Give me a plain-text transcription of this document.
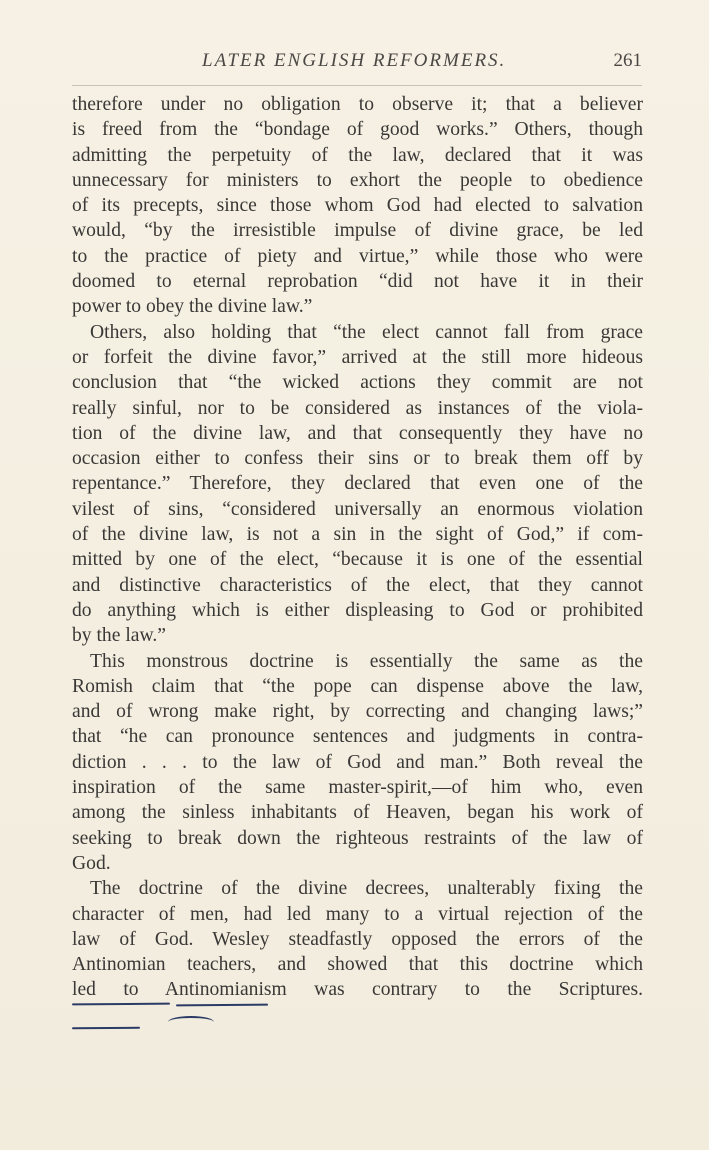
LATER ENGLISH REFORMERS.	261
therefore under no obligation to observe it; that a believer
is freed from the “bondage of good works.” Others, though
admitting the perpetuity of the law, declared that it was
unnecessary for ministers to exhort the people to obedience
of its precepts, since those whom God had elected to salvation
would, “by the irresistible impulse of divine grace, be led
to the practice of piety and virtue,” while those who were
doomed to eternal reprobation “did not have it in their
power to obey the divine law.”
Others, also holding that “the elect cannot fall from grace
or forfeit the divine favor,” arrived at the still more hideous
conclusion that “the wicked actions they commit are not
really sinful, nor to be considered as instances of the viola-
tion of the divine law, and that consequently they have no
occasion either to confess their sins or to break them off by
repentance.” Therefore, they declared that even one of the
vilest of sins, “considered universally an enormous violation
of the divine law, is not a sin in the sight of God,” if com-
mitted by one of the elect, “because it is one of the essential
and distinctive characteristics of the elect, that they cannot
do anything which is either displeasing to God or prohibited
by the law.”
This monstrous doctrine is essentially the same as the
Romish claim that “the pope can dispense above the law,
and of wrong make right, by correcting and changing laws;”
that “he can pronounce sentences and judgments in contra-
diction . . . to the law of God and man.” Both reveal the
inspiration of the same master-spirit,—of him who, even
among the sinless inhabitants of Heaven, began his work of
seeking to break down the righteous restraints of the law of
God.
The doctrine of the divine decrees, unalterably fixing the
character of men, had led many to a virtual rejection of the
law of God. Wesley steadfastly opposed the errors of the
Antinomian teachers, and showed that this doctrine which
led to Antinomianism was contrary to the Scriptures.
